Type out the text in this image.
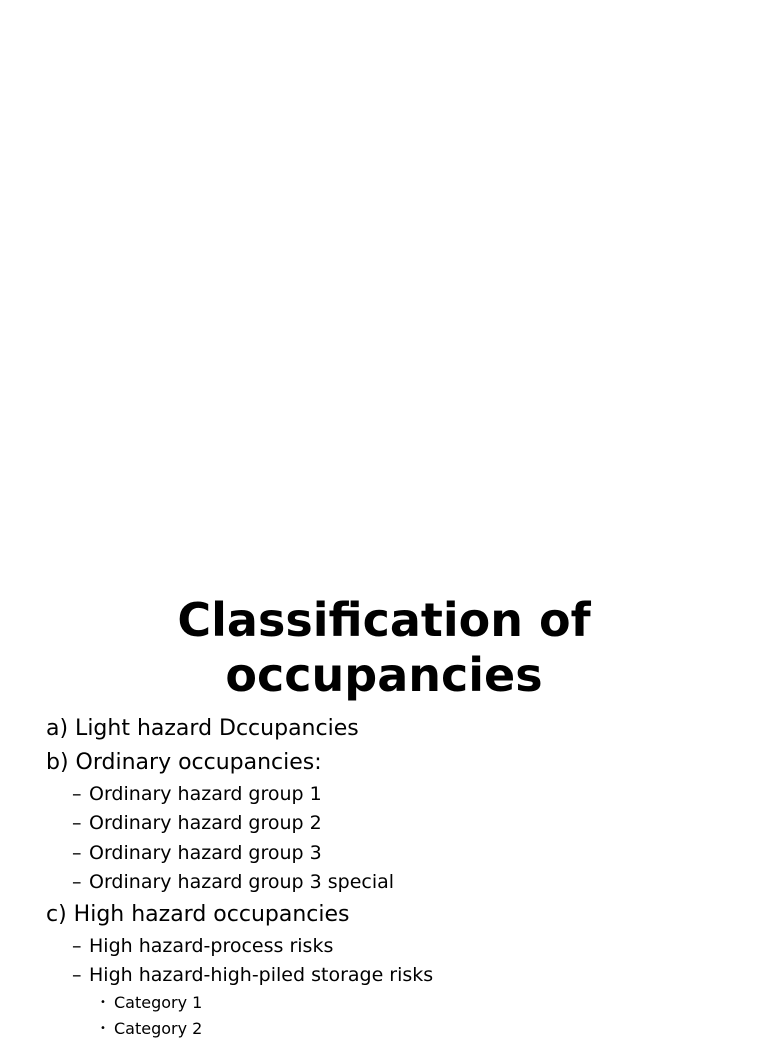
Classification of
occupancies
a) Light hazard Dccupancies
b) Ordinary occupancies:
– Ordinary hazard group 1
– Ordinary hazard group 2
– Ordinary hazard group 3
– Ordinary hazard group 3 special
c) High hazard occupancies
– High hazard-process risks
– High hazard-high-piled storage risks
• Category 1
• Category 2
